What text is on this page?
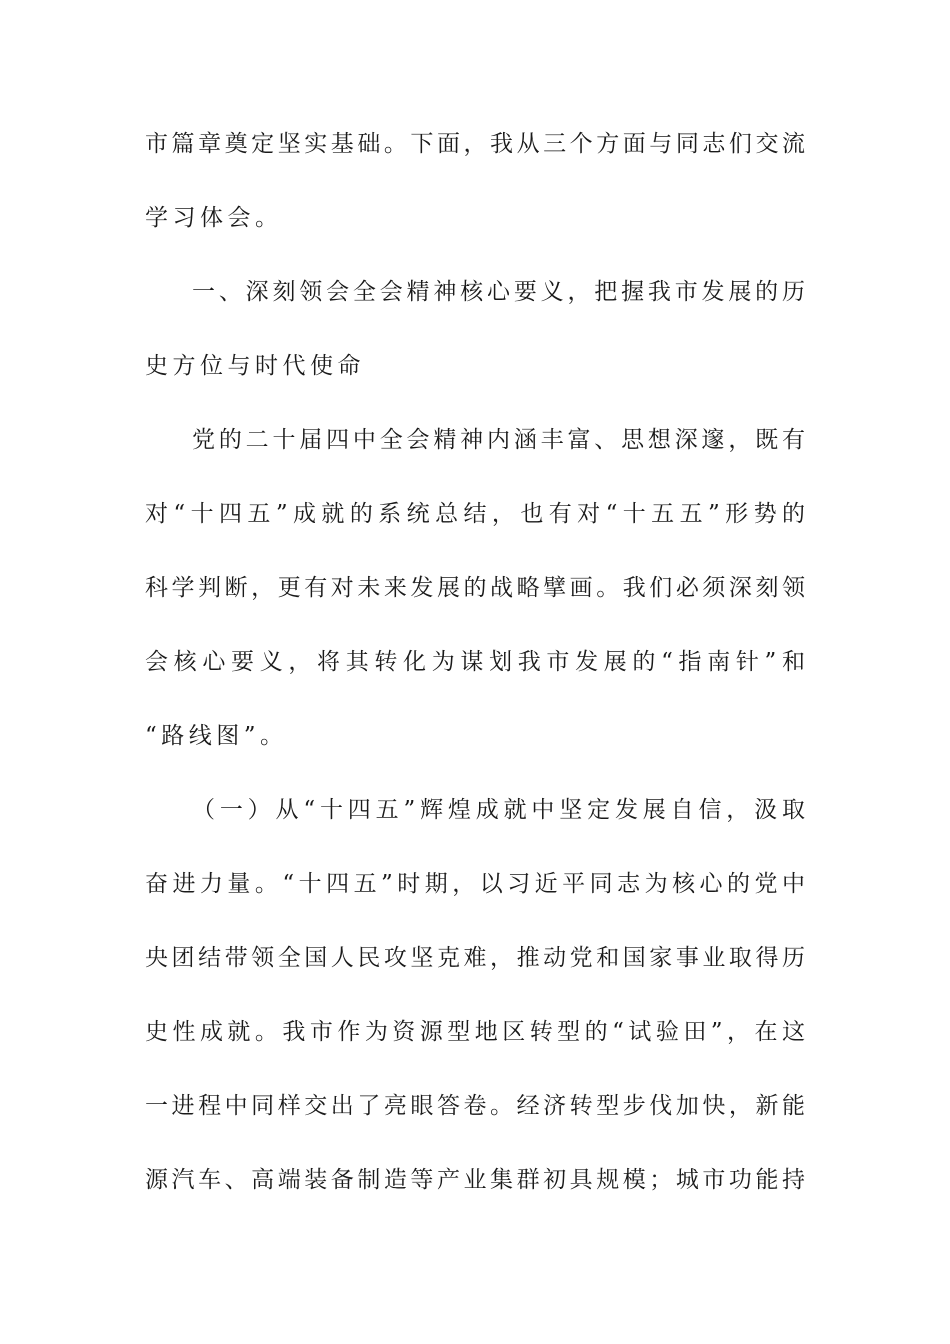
市篇章奠定坚实基础。下面，我从三个方面与同志们交流
学习体会。
一、深刻领会全会精神核心要义，把握我市发展的历
史方位与时代使命
党的二十届四中全会精神内涵丰富、思想深邃，既有
对“十四五”成就的系统总结，也有对“十五五”形势的
科学判断，更有对未来发展的战略擘画。我们必须深刻领
会核心要义，将其转化为谋划我市发展的“指南针”和
“路线图”。
（一）从“十四五”辉煌成就中坚定发展自信，汲取
奋进力量。“十四五”时期，以习近平同志为核心的党中
央团结带领全国人民攻坚克难，推动党和国家事业取得历
史性成就。我市作为资源型地区转型的“试验田”，在这
一进程中同样交出了亮眼答卷。经济转型步伐加快，新能
源汽车、高端装备制造等产业集群初具规模；城市功能持
